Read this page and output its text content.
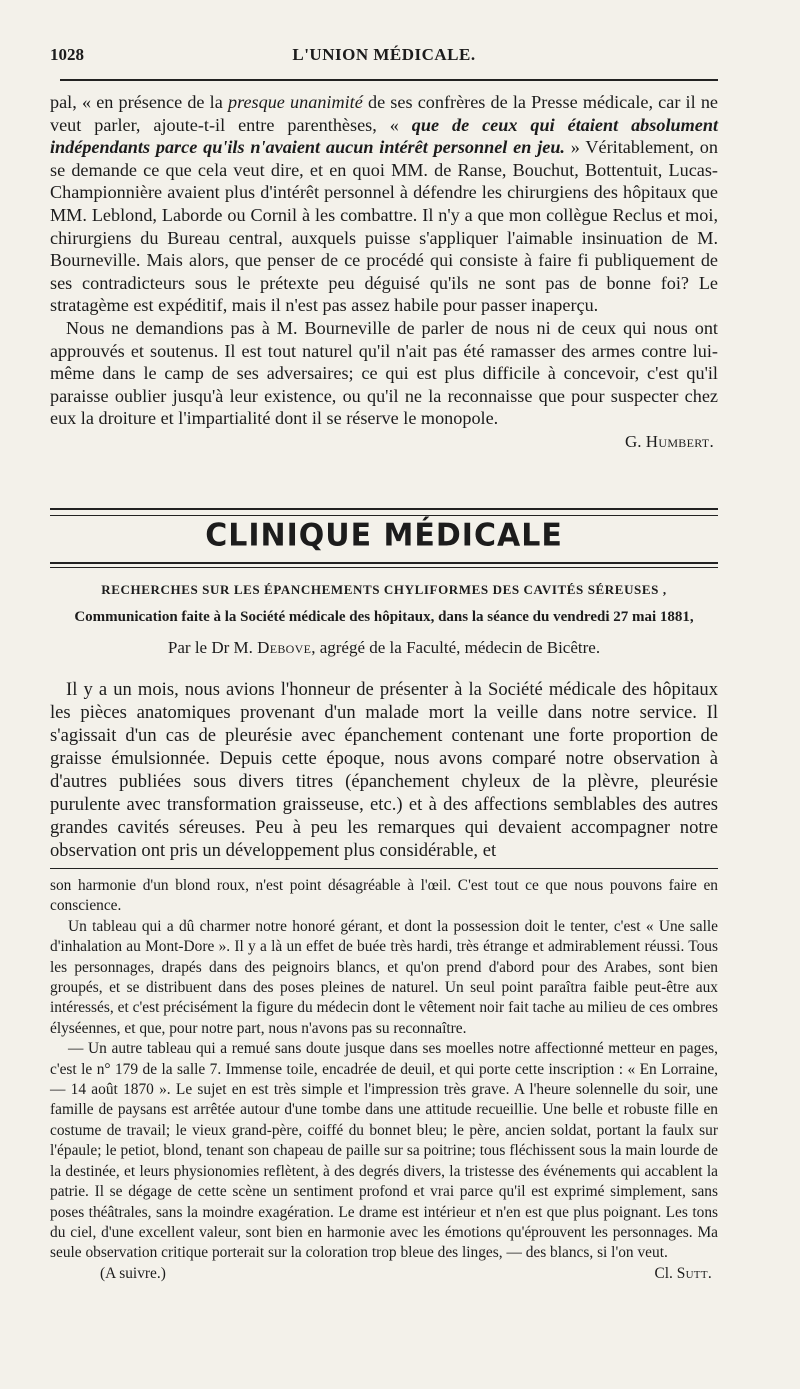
1028	L'UNION MÉDICALE.

pal, « en présence de la presque unanimité de ses confrères de la Presse médicale, car il ne veut parler, ajoute-t-il entre parenthèses, « que de ceux qui étaient absolument indépendants parce qu'ils n'avaient aucun intérêt personnel en jeu. » Véritablement, on se demande ce que cela veut dire, et en quoi MM. de Ranse, Bouchut, Bottentuit, Lucas-Championnière avaient plus d'intérêt personnel à défendre les chirurgiens des hôpitaux que MM. Leblond, Laborde ou Cornil à les combattre. Il n'y a que mon collègue Reclus et moi, chirurgiens du Bureau central, auxquels puisse s'appliquer l'aimable insinuation de M. Bourneville. Mais alors, que penser de ce procédé qui consiste à faire fi publiquement de ses contradicteurs sous le prétexte peu déguisé qu'ils ne sont pas de bonne foi? Le stratagème est expéditif, mais il n'est pas assez habile pour passer inaperçu.

Nous ne demandions pas à M. Bourneville de parler de nous ni de ceux qui nous ont approuvés et soutenus. Il est tout naturel qu'il n'ait pas été ramasser des armes contre lui-même dans le camp de ses adversaires; ce qui est plus difficile à concevoir, c'est qu'il paraisse oublier jusqu'à leur existence, ou qu'il ne la reconnaisse que pour suspecter chez eux la droiture et l'impartialité dont il se réserve le monopole.

G. Humbert.
CLINIQUE MÉDICALE
RECHERCHES SUR LES ÉPANCHEMENTS CHYLIFORMES DES CAVITÉS SÉREUSES ,
Communication faite à la Société médicale des hôpitaux, dans la séance du vendredi 27 mai 1881,
Par le Dr M. Debove, agrégé de la Faculté, médecin de Bicêtre.

Il y a un mois, nous avions l'honneur de présenter à la Société médicale des hôpitaux les pièces anatomiques provenant d'un malade mort la veille dans notre service. Il s'agissait d'un cas de pleurésie avec épanchement contenant une forte proportion de graisse émulsionnée. Depuis cette époque, nous avons comparé notre observation à d'autres publiées sous divers titres (épanchement chyleux de la plèvre, pleurésie purulente avec transformation graisseuse, etc.) et à des affections semblables des autres grandes cavités séreuses. Peu à peu les remarques qui devaient accompagner notre observation ont pris un développement plus considérable, et

son harmonie d'un blond roux, n'est point désagréable à l'œil. C'est tout ce que nous pouvons faire en conscience.

Un tableau qui a dû charmer notre honoré gérant, et dont la possession doit le tenter, c'est « Une salle d'inhalation au Mont-Dore ». Il y a là un effet de buée très hardi, très étrange et admirablement réussi. Tous les personnages, drapés dans des peignoirs blancs, et qu'on prend d'abord pour des Arabes, sont bien groupés, et se distribuent dans des poses pleines de naturel. Un seul point paraîtra faible peut-être aux intéressés, et c'est précisément la figure du médecin dont le vêtement noir fait tache au milieu de ces ombres élyséennes, et que, pour notre part, nous n'avons pas su reconnaître.

— Un autre tableau qui a remué sans doute jusque dans ses moelles notre affectionné metteur en pages, c'est le n° 179 de la salle 7. Immense toile, encadrée de deuil, et qui porte cette inscription : « En Lorraine, — 14 août 1870 ». Le sujet en est très simple et l'impression très grave. A l'heure solennelle du soir, une famille de paysans est arrêtée autour d'une tombe dans une attitude recueillie. Une belle et robuste fille en costume de travail; le vieux grand-père, coiffé du bonnet bleu; le père, ancien soldat, portant la faulx sur l'épaule; le petiot, blond, tenant son chapeau de paille sur sa poitrine; tous fléchissent sous la main lourde de la destinée, et leurs physionomies reflètent, à des degrés divers, la tristesse des événements qui accablent la patrie. Il se dégage de cette scène un sentiment profond et vrai parce qu'il est exprimé simplement, sans poses théâtrales, sans la moindre exagération. Le drame est intérieur et n'en est que plus poignant. Les tons du ciel, d'une excellent valeur, sont bien en harmonie avec les émotions qu'éprouvent les personnages. Ma seule observation critique porterait sur la coloration trop bleue des linges, — des blancs, si l'on veut.

(A suivre.)	Cl. Sutt.
